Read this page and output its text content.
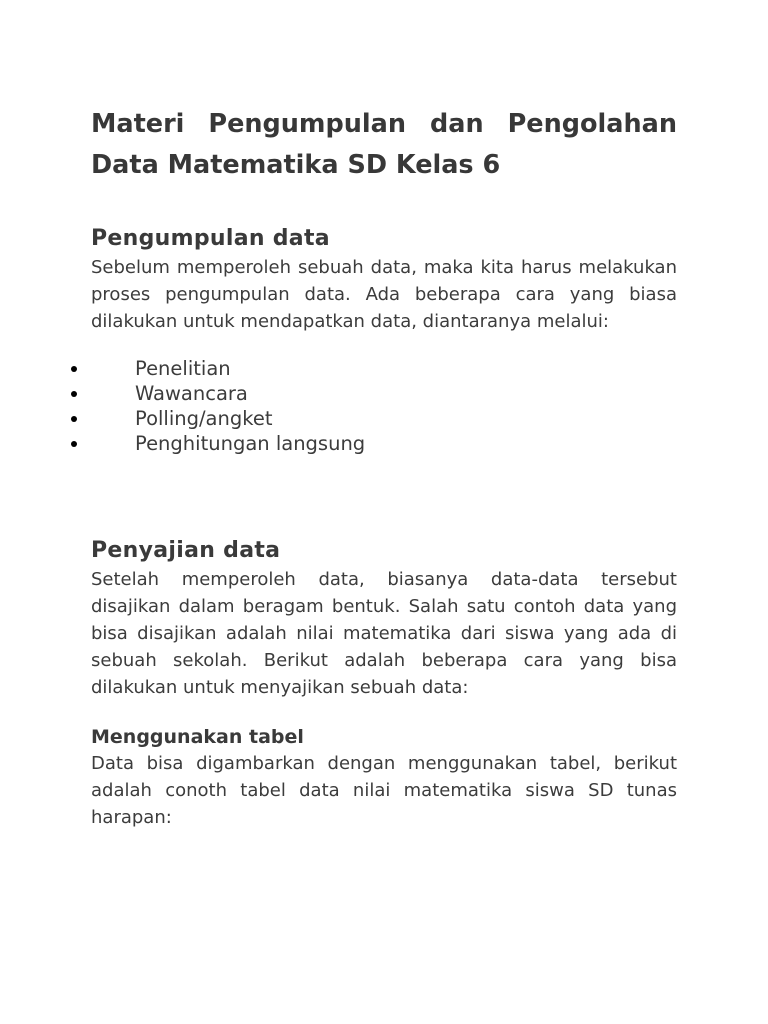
Materi Pengumpulan dan Pengolahan Data Matematika SD Kelas 6
Pengumpulan data

Sebelum memperoleh sebuah data, maka kita harus melakukan proses pengumpulan data. Ada beberapa cara yang biasa dilakukan untuk mendapatkan data, diantaranya melalui:

Penelitian
Wawancara
Polling/angket
Penghitungan langsung
Penyajian data

Setelah memperoleh data, biasanya data-data tersebut disajikan dalam beragam bentuk. Salah satu contoh data yang bisa disajikan adalah nilai matematika dari siswa yang ada di sebuah sekolah. Berikut adalah beberapa cara yang bisa dilakukan untuk menyajikan sebuah data:

Menggunakan tabel

Data bisa digambarkan dengan menggunakan tabel, berikut adalah conoth tabel data nilai matematika siswa SD tunas harapan:
